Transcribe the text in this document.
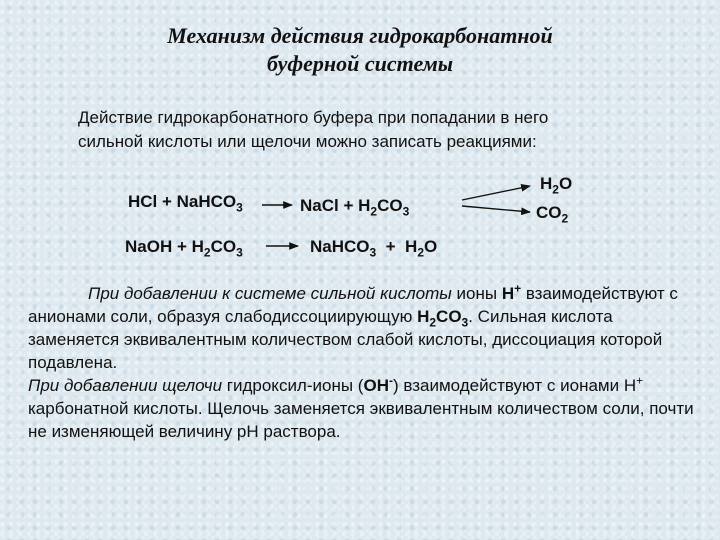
Механизм действия гидрокарбонатной
буферной системы
Действие гидрокарбонатного буфера при попадании в него
сильной кислоты или щелочи можно записать реакциями:
HCl + NaHCO$_3$	NaCl + $H_2CO_3$
$H_2O$
$CO_2$
NaOH + $H_2CO_3$	NaHCO$_3$  +  $H_2O$
При добавлении к системе сильной кислоты ионы H+ взаимодействуют с анионами соли, образуя слабодиссоциирующую $H_2CO_3$. Сильная кислота заменяется эквивалентным количеством слабой кислоты, диссоциация которой подавлена.
При добавлении щелочи гидроксил-ионы (OH-) взаимодействуют с ионами H+ карбонатной кислоты. Щелочь заменяется эквивалентным количеством соли, почти не изменяющей величину рН раствора.
